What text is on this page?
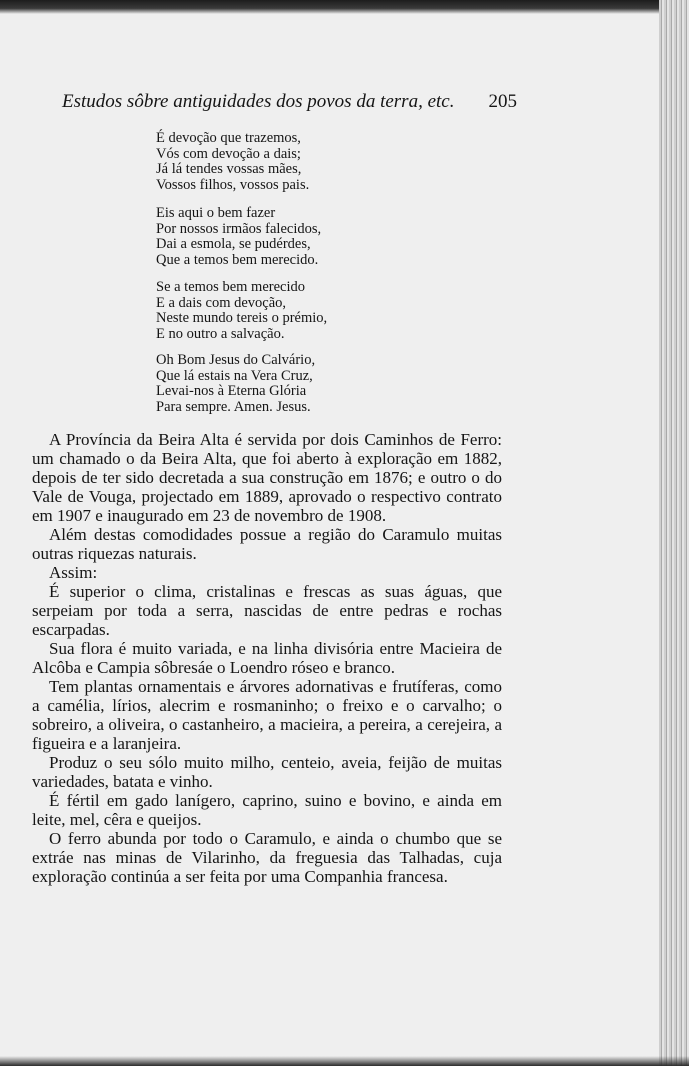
Estudos sôbre antiguidades dos povos da terra, etc. 205
É devoção que trazemos,
Vós com devoção a dais;
Já lá tendes vossas mães,
Vossos filhos, vossos pais.
Eis aqui o bem fazer
Por nossos irmãos falecidos,
Dai a esmola, se pudérdes,
Que a temos bem merecido.
Se a temos bem merecido
E a dais com devoção,
Neste mundo tereis o prémio,
E no outro a salvação.
Oh Bom Jesus do Calvário,
Que lá estais na Vera Cruz,
Levai-nos à Eterna Glória
Para sempre. Amen. Jesus.

A Província da Beira Alta é servida por dois Caminhos de Ferro: um chamado o da Beira Alta, que foi aberto à exploração em 1882, depois de ter sido decretada a sua construção em 1876; e outro o do Vale de Vouga, projectado em 1889, aprovado o respectivo contrato em 1907 e inaugurado em 23 de novembro de 1908.

Além destas comodidades possue a região do Caramulo muitas outras riquezas naturais.

Assim:

É superior o clima, cristalinas e frescas as suas águas, que serpeiam por toda a serra, nascidas de entre pedras e rochas escarpadas.

Sua flora é muito variada, e na linha divisória entre Macieira de Alcôba e Campia sôbresáe o Loendro róseo e branco.

Tem plantas ornamentais e árvores adornativas e frutíferas, como a camélia, lírios, alecrim e rosmaninho; o freixo e o carvalho; o sobreiro, a oliveira, o castanheiro, a macieira, a pereira, a cerejeira, a figueira e a laranjeira.

Produz o seu sólo muito milho, centeio, aveia, feijão de muitas variedades, batata e vinho.

É fértil em gado lanígero, caprino, suino e bovino, e ainda em leite, mel, cêra e queijos.

O ferro abunda por todo o Caramulo, e ainda o chumbo que se extráe nas minas de Vilarinho, da freguesia das Talhadas, cuja exploração continúa a ser feita por uma Companhia francesa.
